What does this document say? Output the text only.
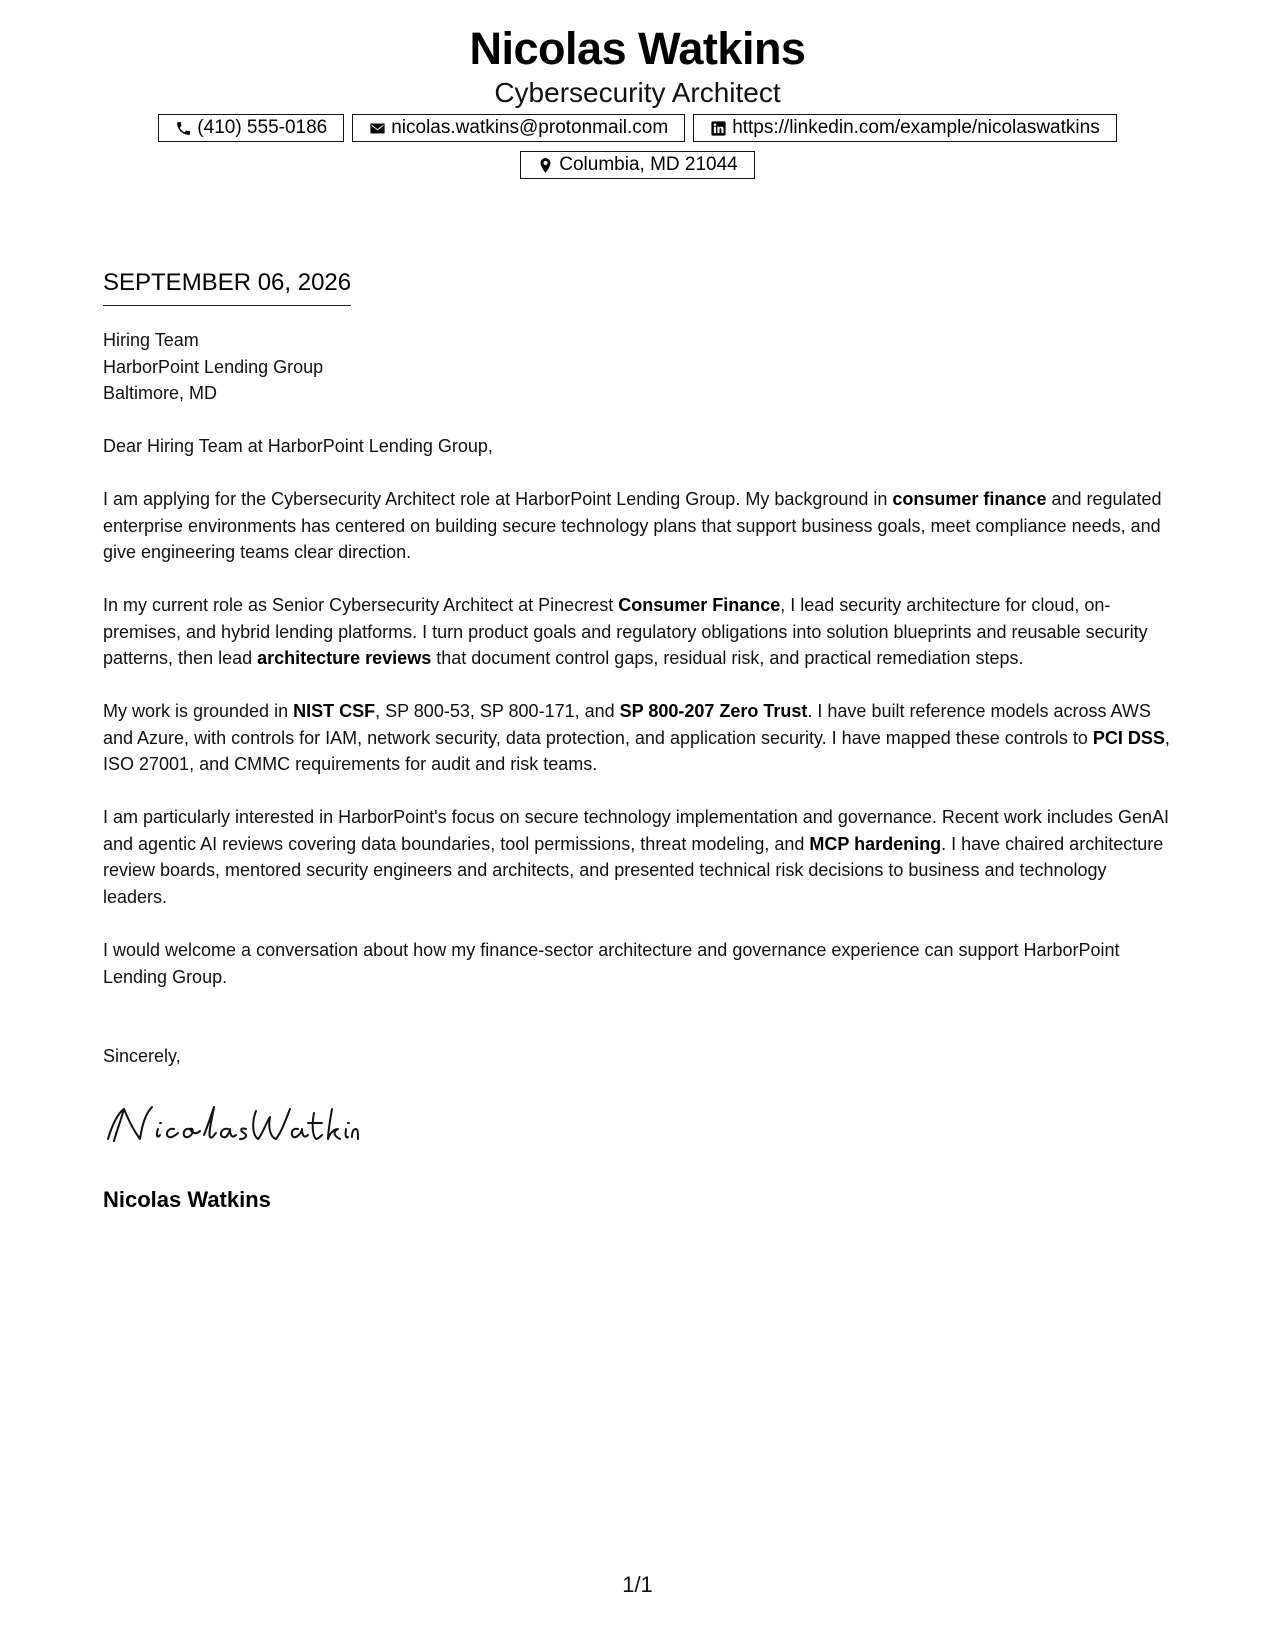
Nicolas Watkins
Cybersecurity Architect
(410) 555-0186	nicolas.watkins@protonmail.com	https://linkedin.com/example/nicolaswatkins
Columbia, MD 21044
SEPTEMBER 06, 2026
Hiring Team
HarborPoint Lending Group
Baltimore, MD
Dear Hiring Team at HarborPoint Lending Group,

I am applying for the Cybersecurity Architect role at HarborPoint Lending Group. My background in consumer finance and regulated enterprise environments has centered on building secure technology plans that support business goals, meet compliance needs, and give engineering teams clear direction.

In my current role as Senior Cybersecurity Architect at Pinecrest Consumer Finance, I lead security architecture for cloud, on-premises, and hybrid lending platforms. I turn product goals and regulatory obligations into solution blueprints and reusable security patterns, then lead architecture reviews that document control gaps, residual risk, and practical remediation steps.

My work is grounded in NIST CSF, SP 800-53, SP 800-171, and SP 800-207 Zero Trust. I have built reference models across AWS and Azure, with controls for IAM, network security, data protection, and application security. I have mapped these controls to PCI DSS, ISO 27001, and CMMC requirements for audit and risk teams.

I am particularly interested in HarborPoint's focus on secure technology implementation and governance. Recent work includes GenAI and agentic AI reviews covering data boundaries, tool permissions, threat modeling, and MCP hardening. I have chaired architecture review boards, mentored security engineers and architects, and presented technical risk decisions to business and technology leaders.

I would welcome a conversation about how my finance-sector architecture and governance experience can support HarborPoint Lending Group.

Sincerely,
Nicolas Watkins
1/1
